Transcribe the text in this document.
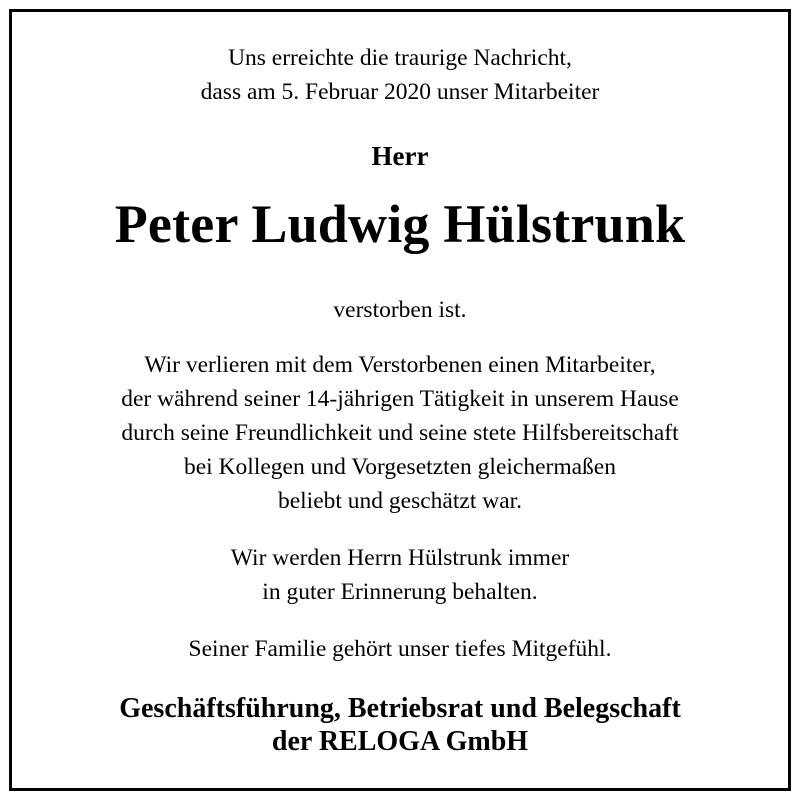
Uns erreichte die traurige Nachricht,
dass am 5. Februar 2020 unser Mitarbeiter
Herr
Peter Ludwig Hülstrunk
verstorben ist.
Wir verlieren mit dem Verstorbenen einen Mitarbeiter,
der während seiner 14-jährigen Tätigkeit in unserem Hause
durch seine Freundlichkeit und seine stete Hilfsbereitschaft
bei Kollegen und Vorgesetzten gleichermaßen
beliebt und geschätzt war.
Wir werden Herrn Hülstrunk immer
in guter Erinnerung behalten.
Seiner Familie gehört unser tiefes Mitgefühl.
Geschäftsführung, Betriebsrat und Belegschaft
der RELOGA GmbH
